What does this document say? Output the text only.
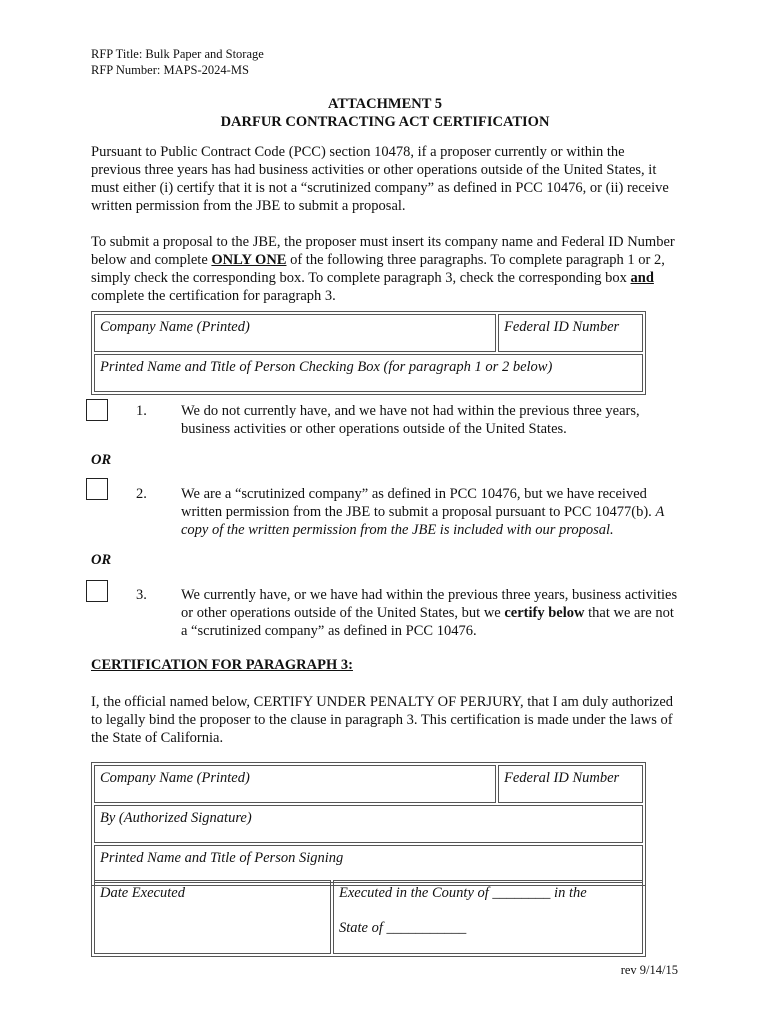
RFP Title: Bulk Paper and Storage
RFP Number: MAPS-2024-MS
ATTACHMENT 5
DARFUR CONTRACTING ACT CERTIFICATION
Pursuant to Public Contract Code (PCC) section 10478, if a proposer currently or within the previous three years has had business activities or other operations outside of the United States, it must either (i) certify that it is not a “scrutinized company” as defined in PCC 10476, or (ii) receive written permission from the JBE to submit a proposal.
To submit a proposal to the JBE, the proposer must insert its company name and Federal ID Number below and complete ONLY ONE of the following three paragraphs. To complete paragraph 1 or 2, simply check the corresponding box. To complete paragraph 3, check the corresponding box and complete the certification for paragraph 3.
Company Name (Printed)	Federal ID Number
Printed Name and Title of Person Checking Box (for paragraph 1 or 2 below)
1. We do not currently have, and we have not had within the previous three years, business activities or other operations outside of the United States.
OR
2. We are a “scrutinized company” as defined in PCC 10476, but we have received written permission from the JBE to submit a proposal pursuant to PCC 10477(b). A copy of the written permission from the JBE is included with our proposal.
OR
3. We currently have, or we have had within the previous three years, business activities or other operations outside of the United States, but we certify below that we are not a “scrutinized company” as defined in PCC 10476.
CERTIFICATION FOR PARAGRAPH 3:
I, the official named below, CERTIFY UNDER PENALTY OF PERJURY, that I am duly authorized to legally bind the proposer to the clause in paragraph 3. This certification is made under the laws of the State of California.
Company Name (Printed)	Federal ID Number
By (Authorized Signature)
Printed Name and Title of Person Signing
Date Executed	Executed in the County of ________ in the
State of ___________
rev 9/14/15
